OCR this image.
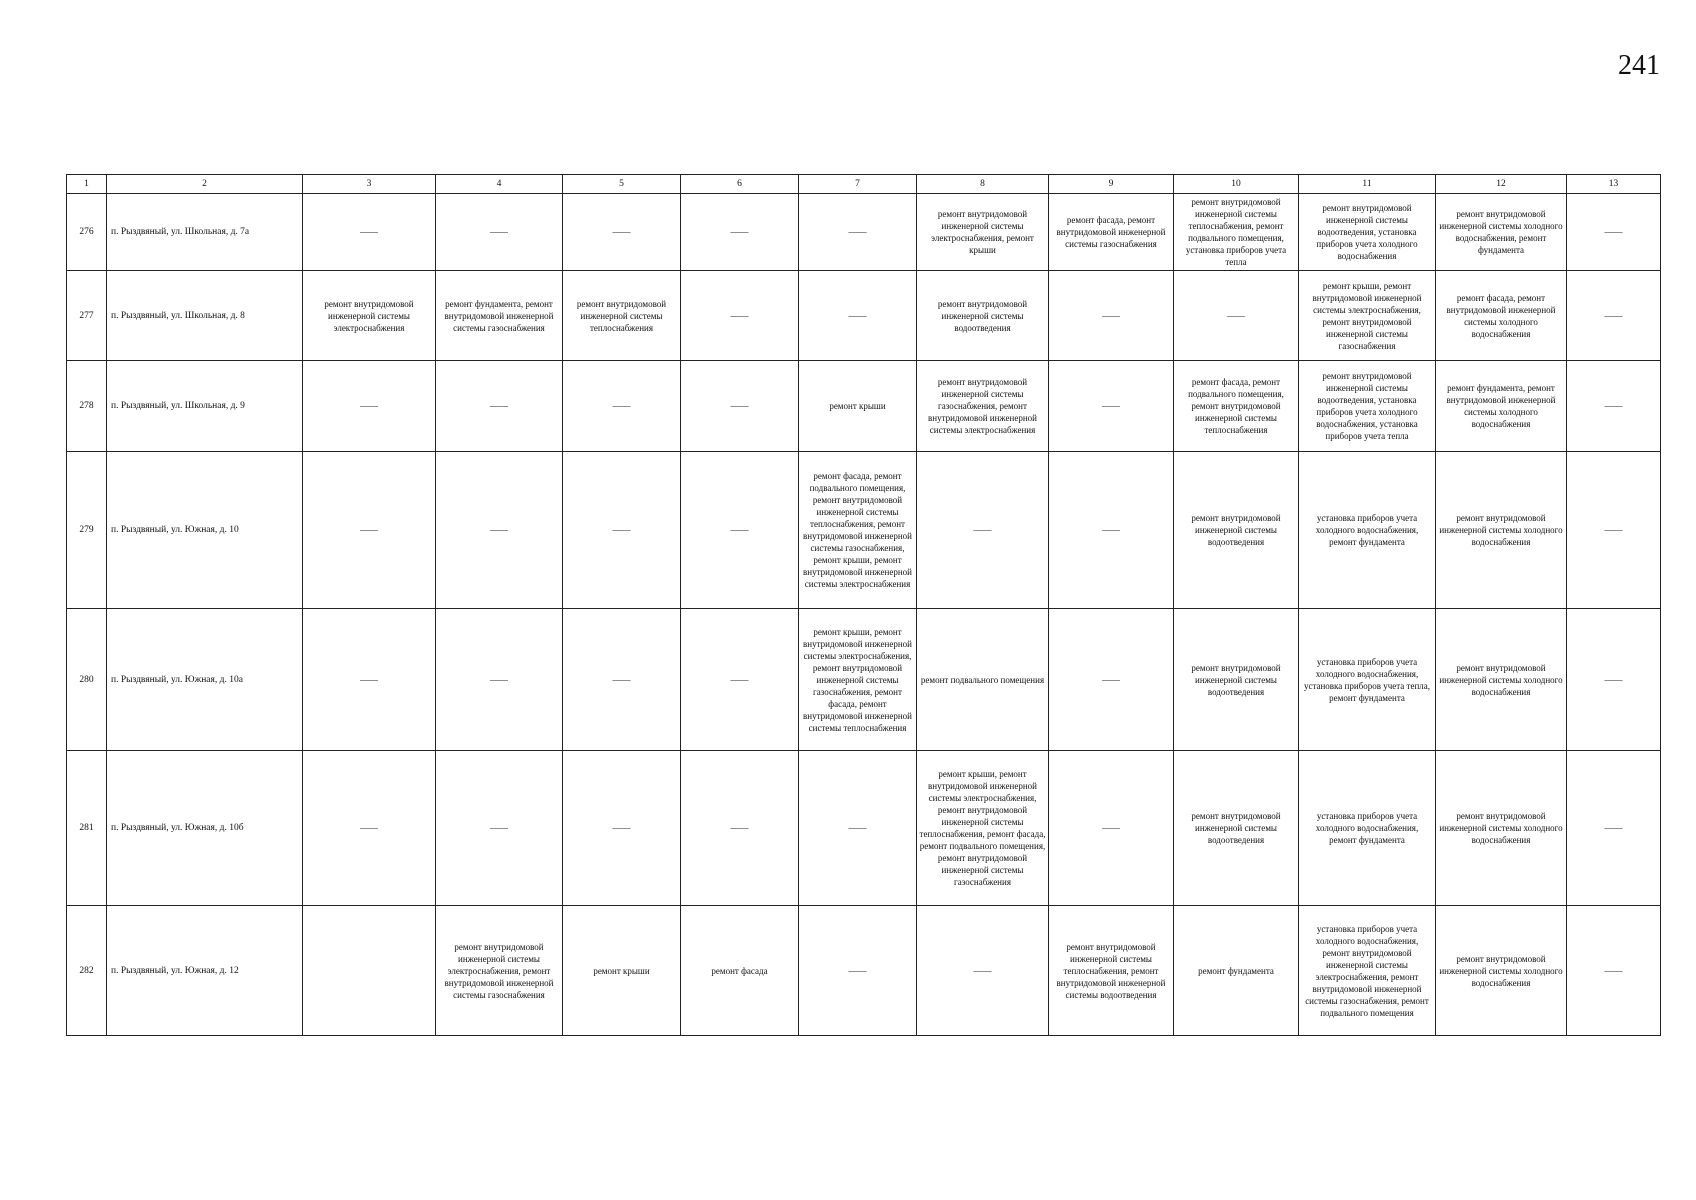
241
1	2	3	4	5	6	7	8	9	10	11	12	13
276	п. Рыздвяный, ул. Школьная, д. 7а	——	——	——	——	——	ремонт внутридомовой инженерной системы электроснабжения, ремонт крыши	ремонт фасада, ремонт внутридомовой инженерной системы газоснабжения	ремонт внутридомовой инженерной системы теплоснабжения, ремонт подвального помещения, установка приборов учета тепла	ремонт внутридомовой инженерной системы водоотведения, установка приборов учета холодного водоснабжения	ремонт внутридомовой инженерной системы холодного водоснабжения, ремонт фундамента	——
277	п. Рыздвяный, ул. Школьная, д. 8	ремонт внутридомовой инженерной системы электроснабжения	ремонт фундамента, ремонт внутридомовой инженерной системы газоснабжения	ремонт внутридомовой инженерной системы теплоснабжения	——	——	ремонт внутридомовой инженерной системы водоотведения	——	——	ремонт крыши, ремонт внутридомовой инженерной системы электроснабжения, ремонт внутридомовой инженерной системы газоснабжения	ремонт фасада, ремонт внутридомовой инженерной системы холодного водоснабжения	——
278	п. Рыздвяный, ул. Школьная, д. 9	——	——	——	——	ремонт крыши	ремонт внутридомовой инженерной системы газоснабжения, ремонт внутридомовой инженерной системы электроснабжения	——	ремонт фасада, ремонт подвального помещения, ремонт внутридомовой инженерной системы теплоснабжения	ремонт внутридомовой инженерной системы водоотведения, установка приборов учета холодного водоснабжения, установка приборов учета тепла	ремонт фундамента, ремонт внутридомовой инженерной системы холодного водоснабжения	——
279	п. Рыздвяный, ул. Южная, д. 10	——	——	——	——	ремонт фасада, ремонт подвального помещения, ремонт внутридомовой инженерной системы теплоснабжения, ремонт внутридомовой инженерной системы газоснабжения, ремонт крыши, ремонт внутридомовой инженерной системы электроснабжения	——	——	ремонт внутридомовой инженерной системы водоотведения	установка приборов учета холодного водоснабжения, ремонт фундамента	ремонт внутридомовой инженерной системы холодного водоснабжения	——
280	п. Рыздвяный, ул. Южная, д. 10а	——	——	——	——	ремонт крыши, ремонт внутридомовой инженерной системы электроснабжения, ремонт внутридомовой инженерной системы газоснабжения, ремонт фасада, ремонт внутридомовой инженерной системы теплоснабжения	ремонт подвального помещения	——	ремонт внутридомовой инженерной системы водоотведения	установка приборов учета холодного водоснабжения, установка приборов учета тепла, ремонт фундамента	ремонт внутридомовой инженерной системы холодного водоснабжения	——
281	п. Рыздвяный, ул. Южная, д. 10б	——	——	——	——	——	ремонт крыши, ремонт внутридомовой инженерной системы электроснабжения, ремонт внутридомовой инженерной системы теплоснабжения, ремонт фасада, ремонт подвального помещения, ремонт внутридомовой инженерной системы газоснабжения	——	ремонт внутридомовой инженерной системы водоотведения	установка приборов учета холодного водоснабжения, ремонт фундамента	ремонт внутридомовой инженерной системы холодного водоснабжения	——
282	п. Рыздвяный, ул. Южная, д. 12		ремонт внутридомовой инженерной системы электроснабжения, ремонт внутридомовой инженерной системы газоснабжения	ремонт крыши	ремонт фасада	——	——	ремонт внутридомовой инженерной системы теплоснабжения, ремонт внутридомовой инженерной системы водоотведения	ремонт фундамента	установка приборов учета холодного водоснабжения, ремонт внутридомовой инженерной системы электроснабжения, ремонт внутридомовой инженерной системы газоснабжения, ремонт подвального помещения	ремонт внутридомовой инженерной системы холодного водоснабжения	——
